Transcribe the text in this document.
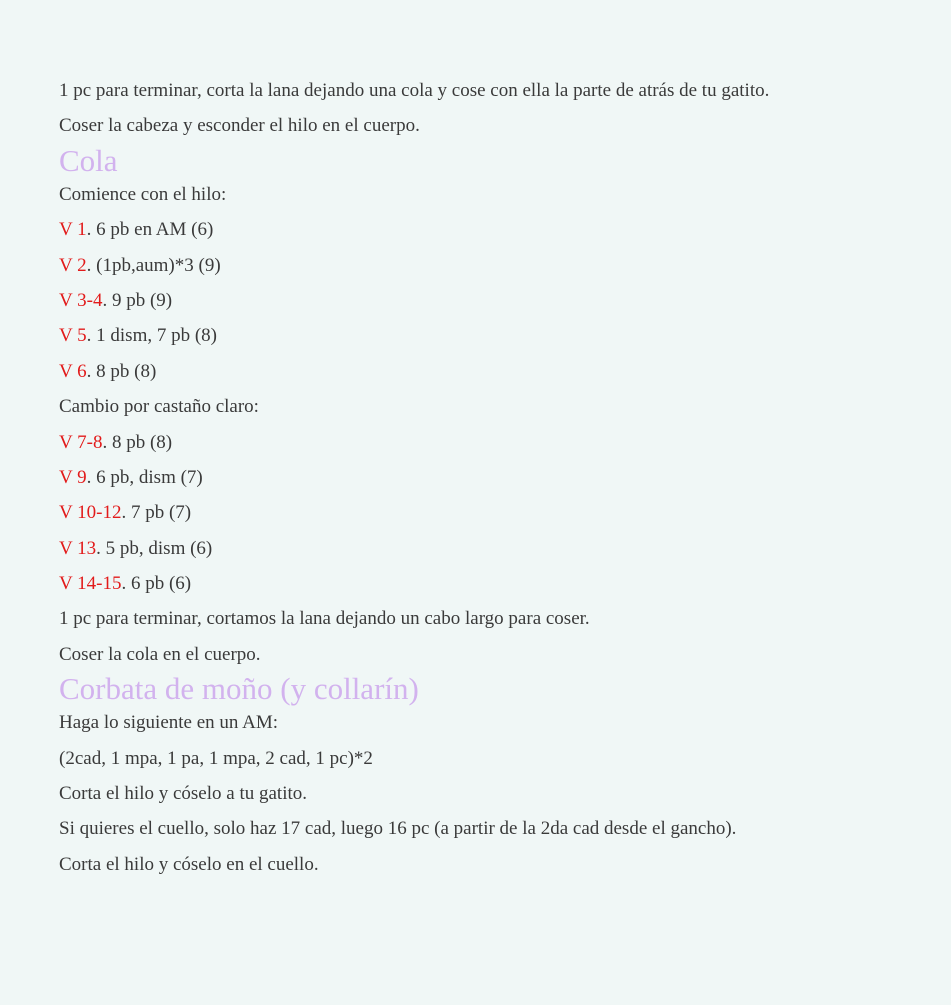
1 pc para terminar, corta la lana dejando una cola y cose con ella la parte de atrás de tu gatito.

Coser la cabeza y esconder el hilo en el cuerpo.

Cola

Comience con el hilo:

V 1. 6 pb en AM (6)

V 2. (1pb,aum)*3 (9)

V 3-4. 9 pb (9)

V 5. 1 dism, 7 pb (8)

V 6. 8 pb (8)

Cambio por castaño claro:

V 7-8. 8 pb (8)

V 9. 6 pb, dism (7)

V 10-12. 7 pb (7)

V 13. 5 pb, dism (6)

V 14-15. 6 pb (6)

1 pc para terminar, cortamos la lana dejando un cabo largo para coser.

Coser la cola en el cuerpo.

Corbata de moño (y collarín)

Haga lo siguiente en un AM:

(2cad, 1 mpa, 1 pa, 1 mpa, 2 cad, 1 pc)*2

Corta el hilo y cóselo a tu gatito.

Si quieres el cuello, solo haz 17 cad, luego 16 pc (a partir de la 2da cad desde el gancho).

Corta el hilo y cóselo en el cuello.
